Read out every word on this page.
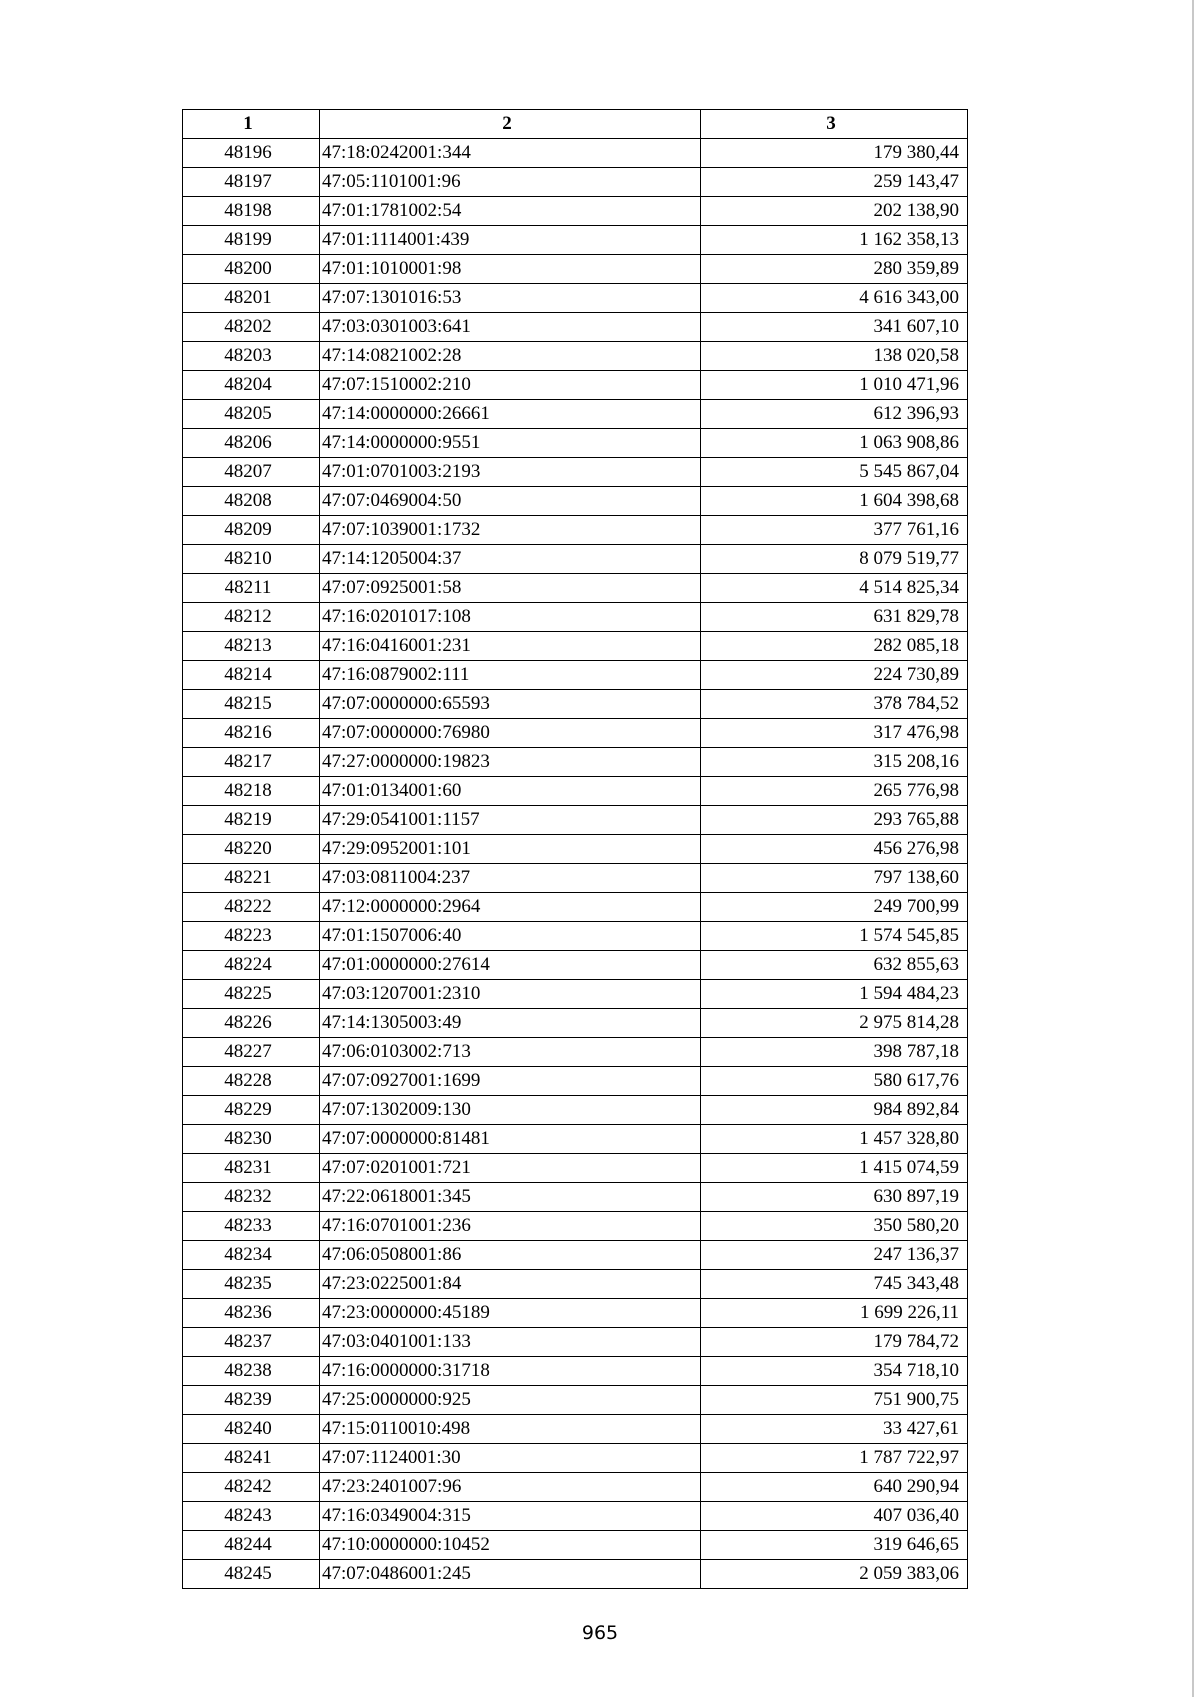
1	2	3
48196	47:18:0242001:344	179 380,44
48197	47:05:1101001:96	259 143,47
48198	47:01:1781002:54	202 138,90
48199	47:01:1114001:439	1 162 358,13
48200	47:01:1010001:98	280 359,89
48201	47:07:1301016:53	4 616 343,00
48202	47:03:0301003:641	341 607,10
48203	47:14:0821002:28	138 020,58
48204	47:07:1510002:210	1 010 471,96
48205	47:14:0000000:26661	612 396,93
48206	47:14:0000000:9551	1 063 908,86
48207	47:01:0701003:2193	5 545 867,04
48208	47:07:0469004:50	1 604 398,68
48209	47:07:1039001:1732	377 761,16
48210	47:14:1205004:37	8 079 519,77
48211	47:07:0925001:58	4 514 825,34
48212	47:16:0201017:108	631 829,78
48213	47:16:0416001:231	282 085,18
48214	47:16:0879002:111	224 730,89
48215	47:07:0000000:65593	378 784,52
48216	47:07:0000000:76980	317 476,98
48217	47:27:0000000:19823	315 208,16
48218	47:01:0134001:60	265 776,98
48219	47:29:0541001:1157	293 765,88
48220	47:29:0952001:101	456 276,98
48221	47:03:0811004:237	797 138,60
48222	47:12:0000000:2964	249 700,99
48223	47:01:1507006:40	1 574 545,85
48224	47:01:0000000:27614	632 855,63
48225	47:03:1207001:2310	1 594 484,23
48226	47:14:1305003:49	2 975 814,28
48227	47:06:0103002:713	398 787,18
48228	47:07:0927001:1699	580 617,76
48229	47:07:1302009:130	984 892,84
48230	47:07:0000000:81481	1 457 328,80
48231	47:07:0201001:721	1 415 074,59
48232	47:22:0618001:345	630 897,19
48233	47:16:0701001:236	350 580,20
48234	47:06:0508001:86	247 136,37
48235	47:23:0225001:84	745 343,48
48236	47:23:0000000:45189	1 699 226,11
48237	47:03:0401001:133	179 784,72
48238	47:16:0000000:31718	354 718,10
48239	47:25:0000000:925	751 900,75
48240	47:15:0110010:498	33 427,61
48241	47:07:1124001:30	1 787 722,97
48242	47:23:2401007:96	640 290,94
48243	47:16:0349004:315	407 036,40
48244	47:10:0000000:10452	319 646,65
48245	47:07:0486001:245	2 059 383,06
965
